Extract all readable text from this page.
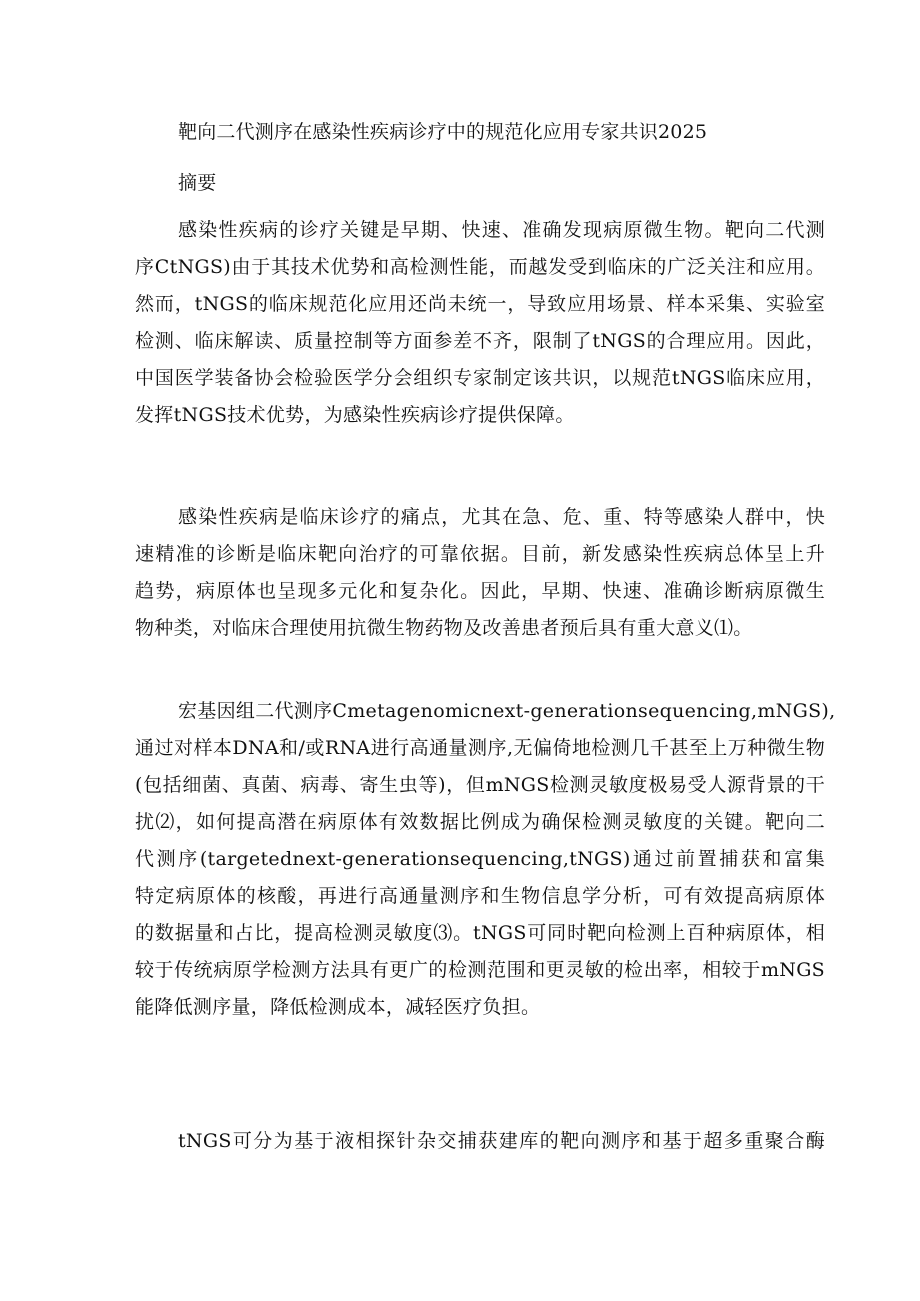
靶向二代测序在感染性疾病诊疗中的规范化应用专家共识2025
摘要
感染性疾病的诊疗关键是早期、快速、准确发现病原微生物。靶向二代测
序CtNGS)由于其技术优势和高检测性能，而越发受到临床的广泛关注和应用。
然而，tNGS的临床规范化应用还尚未统一，导致应用场景、样本采集、实验室
检测、临床解读、质量控制等方面参差不齐，限制了tNGS的合理应用。因此，
中国医学装备协会检验医学分会组织专家制定该共识，以规范tNGS临床应用，
发挥tNGS技术优势，为感染性疾病诊疗提供保障。
感染性疾病是临床诊疗的痛点，尤其在急、危、重、特等感染人群中，快
速精准的诊断是临床靶向治疗的可靠依据。目前，新发感染性疾病总体呈上升
趋势，病原体也呈现多元化和复杂化。因此，早期、快速、准确诊断病原微生
物种类，对临床合理使用抗微生物药物及改善患者预后具有重大意义⑴。
宏基因组二代测序Cmetagenomicnext-generationsequencing,mNGS),
通过对样本DNA和/或RNA进行高通量测序,无偏倚地检测几千甚至上万种微生物
(包括细菌、真菌、病毒、寄生虫等)，但mNGS检测灵敏度极易受人源背景的干
扰⑵，如何提高潜在病原体有效数据比例成为确保检测灵敏度的关键。靶向二
代测序(targetednext-generationsequencing,tNGS)通过前置捕获和富集
特定病原体的核酸，再进行高通量测序和生物信息学分析，可有效提高病原体
的数据量和占比，提高检测灵敏度⑶。tNGS可同时靶向检测上百种病原体，相
较于传统病原学检测方法具有更广的检测范围和更灵敏的检出率，相较于mNGS
能降低测序量，降低检测成本，减轻医疗负担。
tNGS可分为基于液相探针杂交捕获建库的靶向测序和基于超多重聚合酶
